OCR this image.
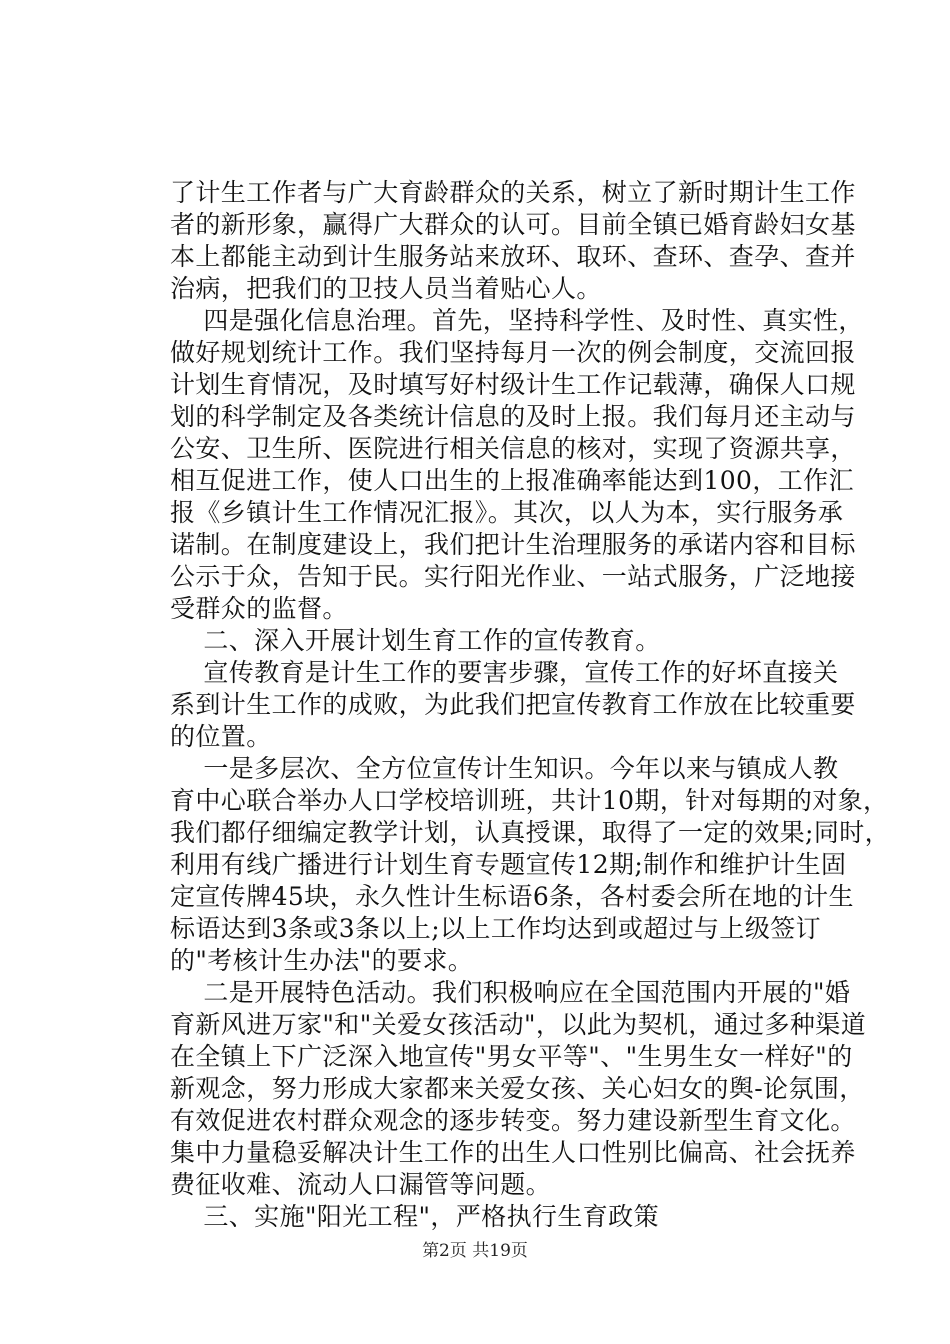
了计生工作者与广大育龄群众的关系，树立了新时期计生工作
者的新形象，赢得广大群众的认可。目前全镇已婚育龄妇女基
本上都能主动到计生服务站来放环、取环、查环、查孕、查并
治病，把我们的卫技人员当着贴心人。
四是强化信息治理。首先，坚持科学性、及时性、真实性，
做好规划统计工作。我们坚持每月一次的例会制度，交流回报
计划生育情况，及时填写好村级计生工作记载薄，确保人口规
划的科学制定及各类统计信息的及时上报。我们每月还主动与
公安、卫生所、医院进行相关信息的核对，实现了资源共享，
相互促进工作，使人口出生的上报准确率能达到100，工作汇
报《乡镇计生工作情况汇报》。其次，以人为本，实行服务承
诺制。在制度建设上，我们把计生治理服务的承诺内容和目标
公示于众，告知于民。实行阳光作业、一站式服务，广泛地接
受群众的监督。
二、深入开展计划生育工作的宣传教育。
宣传教育是计生工作的要害步骤，宣传工作的好坏直接关
系到计生工作的成败，为此我们把宣传教育工作放在比较重要
的位置。
一是多层次、全方位宣传计生知识。今年以来与镇成人教
育中心联合举办人口学校培训班，共计10期，针对每期的对象，
我们都仔细编定教学计划，认真授课，取得了一定的效果;同时，
利用有线广播进行计划生育专题宣传12期;制作和维护计生固
定宣传牌45块，永久性计生标语6条，各村委会所在地的计生
标语达到3条或3条以上;以上工作均达到或超过与上级签订
的"考核计生办法"的要求。
二是开展特色活动。我们积极响应在全国范围内开展的"婚
育新风进万家"和"关爱女孩活动"，以此为契机，通过多种渠道
在全镇上下广泛深入地宣传"男女平等"、"生男生女一样好"的
新观念，努力形成大家都来关爱女孩、关心妇女的舆-论氛围，
有效促进农村群众观念的逐步转变。努力建设新型生育文化。
集中力量稳妥解决计生工作的出生人口性别比偏高、社会抚养
费征收难、流动人口漏管等问题。
三、实施"阳光工程"，严格执行生育政策
第2页 共19页
